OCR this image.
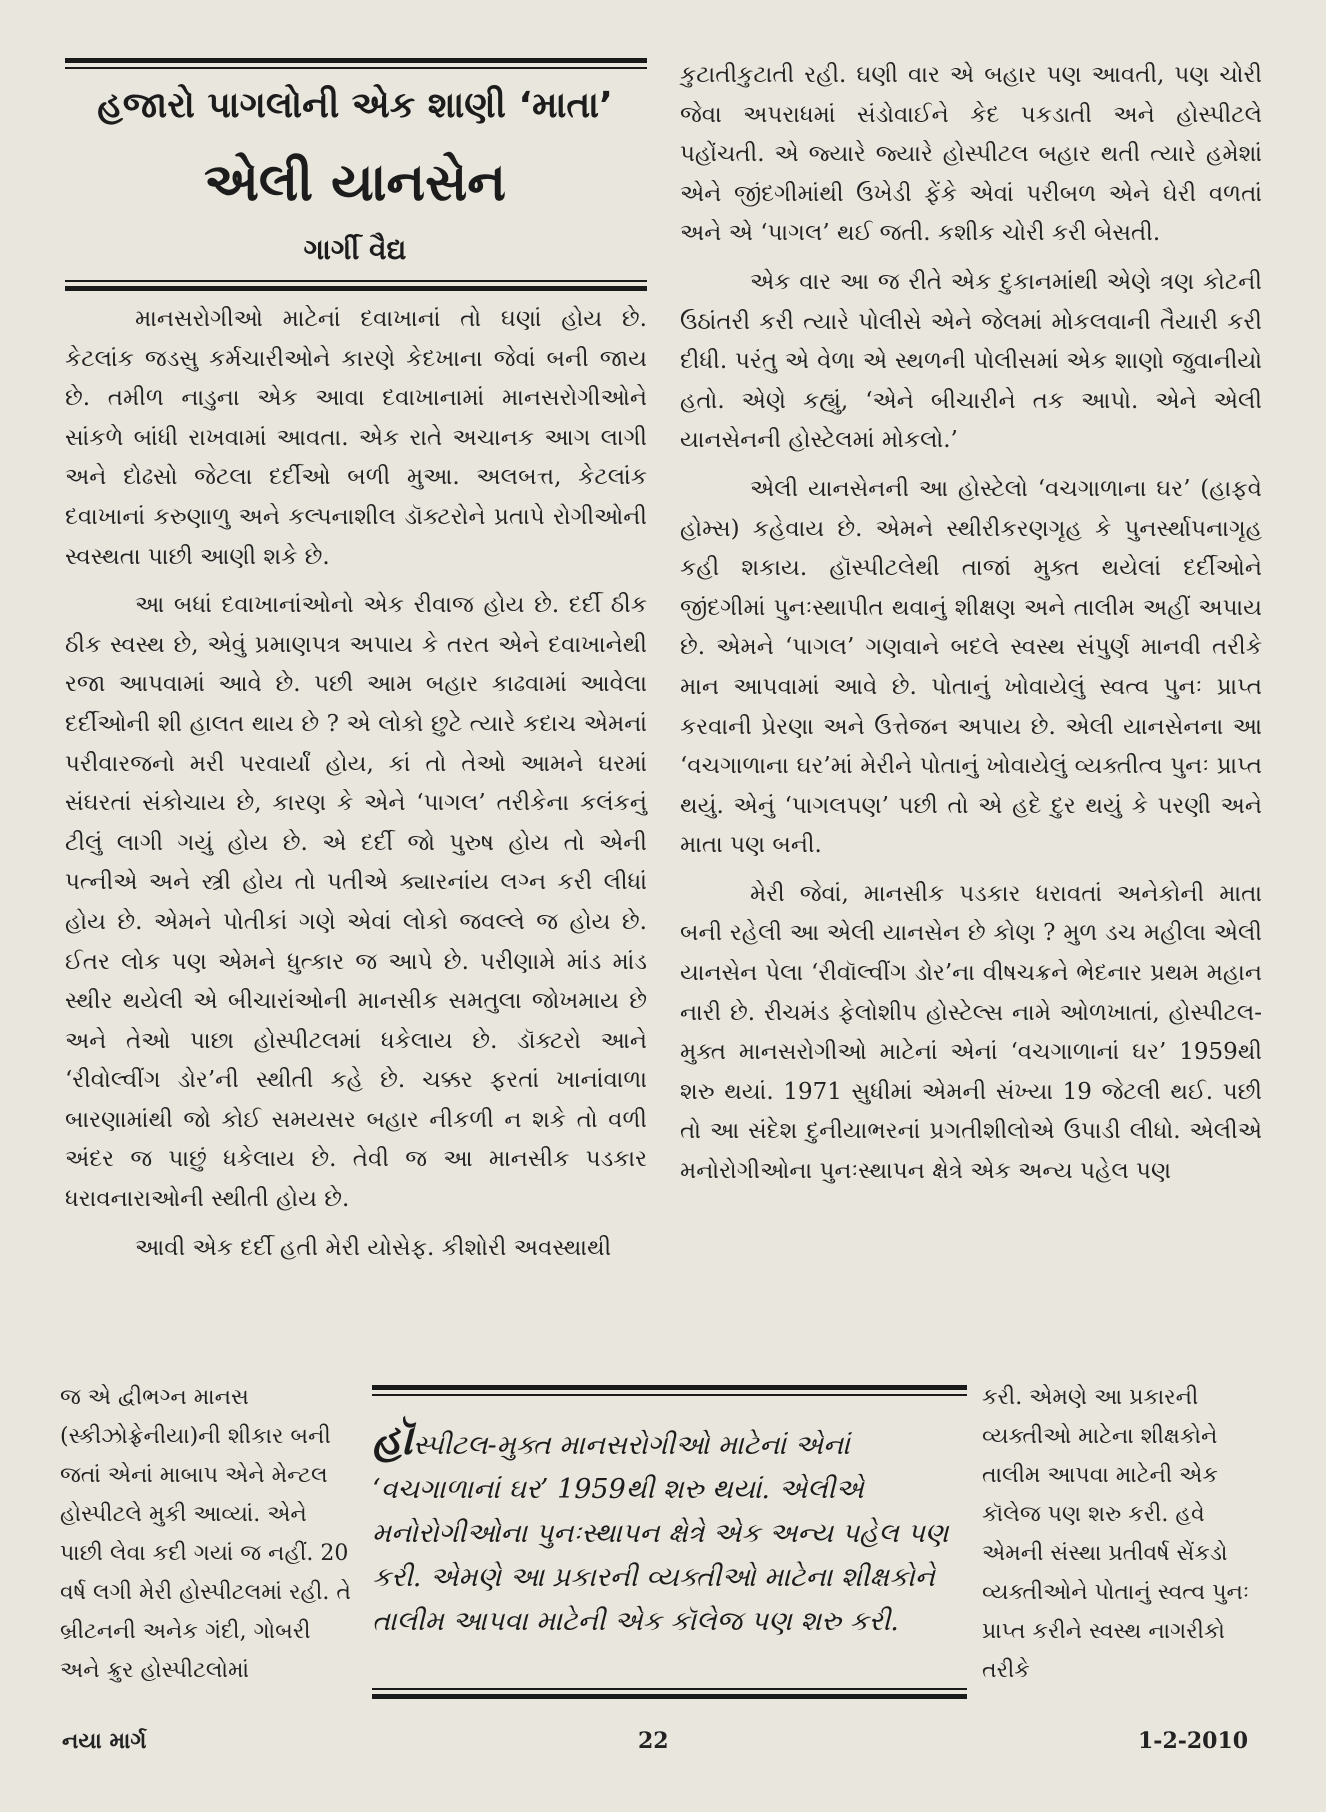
હજારો પાગલોની એક શાણી ‘માતા’
એલી યાનસેન
ગાર્ગી વૈદ્ય

માનસરોગીઓ માટેનાં દવાખાનાં તો ઘણાં હોય છે. કેટલાંક જડસુ કર્મચારીઓને કારણે કેદખાના જેવાં બની જાય છે. તમીળ નાડુના એક આવા દવાખાનામાં માનસરોગીઓને સાંકળે બાંધી રાખવામાં આવતા. એક રાતે અચાનક આગ લાગી અને દોઢસો જેટલા દર્દીઓ બળી મુઆ. અલબત્ત, કેટલાંક દવાખાનાં કરુણાળુ અને કલ્પનાશીલ ડૉક્ટરોને પ્રતાપે રોગીઓની સ્વસ્થતા પાછી આણી શકે છે.

આ બધાં દવાખાનાંઓનો એક રીવાજ હોય છે. દર્દી ઠીક ઠીક સ્વસ્થ છે, એવું પ્રમાણપત્ર અપાય કે તરત એને દવાખાનેથી રજા આપવામાં આવે છે. પછી આમ બહાર કાઢવામાં આવેલા દર્દીઓની શી હાલત થાય છે ? એ લોકો છુટે ત્યારે કદાચ એમનાં પરીવારજનો મરી પરવાર્યાં હોય, કાં તો તેઓ આમને ઘરમાં સંઘરતાં સંકોચાય છે, કારણ કે એને ‘પાગલ’ તરીકેના કલંકનું ટીલું લાગી ગયું હોય છે. એ દર્દી જો પુરુષ હોય તો એની પત્નીએ અને સ્ત્રી હોય તો પતીએ ક્યારનાંય લગ્ન કરી લીધાં હોય છે. એમને પોતીકાં ગણે એવાં લોકો જવલ્લે જ હોય છે. ઈતર લોક પણ એમને ધુત્કાર જ આપે છે. પરીણામે માંડ માંડ સ્થીર થયેલી એ બીચારાંઓની માનસીક સમતુલા જોખમાય છે અને તેઓ પાછા હોસ્પીટલમાં ધકેલાય છે. ડૉક્ટરો આને ‘રીવોલ્વીંગ ડોર’ની સ્થીતી કહે છે. ચક્કર ફરતાં ખાનાંવાળા બારણામાંથી જો કોઈ સમયસર બહાર નીકળી ન શકે તો વળી અંદર જ પાછું ધકેલાય છે. તેવી જ આ માનસીક પડકાર ધરાવનારાઓની સ્થીતી હોય છે.

આવી એક દર્દી હતી મેરી યોસેફ. કીશોરી અવસ્થાથી

કુટાતીકુટાતી રહી. ઘણી વાર એ બહાર પણ આવતી, પણ ચોરી જેવા અપરાધમાં સંડોવાઈને કેદ પકડાતી અને હોસ્પીટલે પહોંચતી. એ જ્યારે જ્યારે હોસ્પીટલ બહાર થતી ત્યારે હમેશાં એને જીંદગીમાંથી ઉખેડી ફેંકે એવાં પરીબળ એને ઘેરી વળતાં અને એ ‘પાગલ’ થઈ જતી. કશીક ચોરી કરી બેસતી.

એક વાર આ જ રીતે એક દુકાનમાંથી એણે ત્રણ કોટની ઉઠાંતરી કરી ત્યારે પોલીસે એને જેલમાં મોકલવાની તૈયારી કરી દીધી. પરંતુ એ વેળા એ સ્થળની પોલીસમાં એક શાણો જુવાનીયો હતો. એણે કહ્યું, ‘એને બીચારીને તક આપો. એને એલી યાનસેનની હોસ્ટેલમાં મોકલો.’

એલી યાનસેનની આ હોસ્ટેલો ‘વચગાળાના ઘર’ (હાફવે હોમ્સ) કહેવાય છે. એમને સ્થીરીકરણગૃહ કે પુનર્સ્થાપનાગૃહ કહી શકાય. હૉસ્પીટલેથી તાજાં મુક્ત થયેલાં દર્દીઓને જીંદગીમાં પુનઃસ્થાપીત થવાનું શીક્ષણ અને તાલીમ અહીં અપાય છે. એમને ‘પાગલ’ ગણવાને બદલે સ્વસ્થ સંપુર્ણ માનવી તરીકે માન આપવામાં આવે છે. પોતાનું ખોવાયેલું સ્વત્વ પુનઃ પ્રાપ્ત કરવાની પ્રેરણા અને ઉત્તેજન અપાય છે. એલી યાનસેનના આ ‘વચગાળાના ઘર’માં મેરીને પોતાનું ખોવાયેલું વ્યક્તીત્વ પુનઃ પ્રાપ્ત થયું. એનું ‘પાગલપણ’ પછી તો એ હદે દુર થયું કે પરણી અને માતા પણ બની.

મેરી જેવાં, માનસીક પડકાર ધરાવતાં અનેકોની માતા બની રહેલી આ એલી યાનસેન છે કોણ ? મુળ ડચ મહીલા એલી યાનસેન પેલા ‘રીવૉલ્વીંગ ડોર’ના વીષચક્રને ભેદનાર પ્રથમ મહાન નારી છે. રીચમંડ ફેલોશીપ હોસ્ટેલ્સ નામે ઓળખાતાં, હોસ્પીટલ-મુક્ત માનસરોગીઓ માટેનાં એનાં ‘વચગાળાનાં ઘર’ 1959થી શરુ થયાં. 1971 સુધીમાં એમની સંખ્યા 19 જેટલી થઈ. પછી તો આ સંદેશ દુનીયાભરનાં પ્રગતીશીલોએ ઉપાડી લીધો. એલીએ મનોરોગીઓના પુનઃસ્થાપન ક્ષેત્રે એક અન્ય પહેલ પણ

જ એ દ્વીભગ્ન માનસ (સ્કીઝોફ્રેનીયા)ની શીકાર બની જતાં એનાં માબાપ એને મેન્ટલ હોસ્પીટલે મુકી આવ્યાં. એને પાછી લેવા કદી ગયાં જ નહીં. 20 વર્ષ લગી મેરી હોસ્પીટલમાં રહી. તે બ્રીટનની અનેક ગંદી, ગોબરી અને ક્રુર હોસ્પીટલોમાં

કરી. એમણે આ પ્રકારની વ્યક્તીઓ માટેના શીક્ષકોને તાલીમ આપવા માટેની એક કૉલેજ પણ શરુ કરી. હવે એમની સંસ્થા પ્રતીવર્ષ સેંકડો વ્યક્તીઓને પોતાનું સ્વત્વ પુનઃ પ્રાપ્ત કરીને સ્વસ્થ નાગરીકો તરીકે

હૉસ્પીટલ-મુક્ત માનસરોગીઓ માટેનાં એનાં ‘વચગાળાનાં ઘર’ 1959થી શરુ થયાં. એલીએ મનોરોગીઓના પુનઃસ્થાપન ક્ષેત્રે એક અન્ય પહેલ પણ કરી. એમણે આ પ્રકારની વ્યક્તીઓ માટેના શીક્ષકોને તાલીમ આપવા માટેની એક કૉલેજ પણ શરુ કરી.
નયા માર્ગ	22	1-2-2010
